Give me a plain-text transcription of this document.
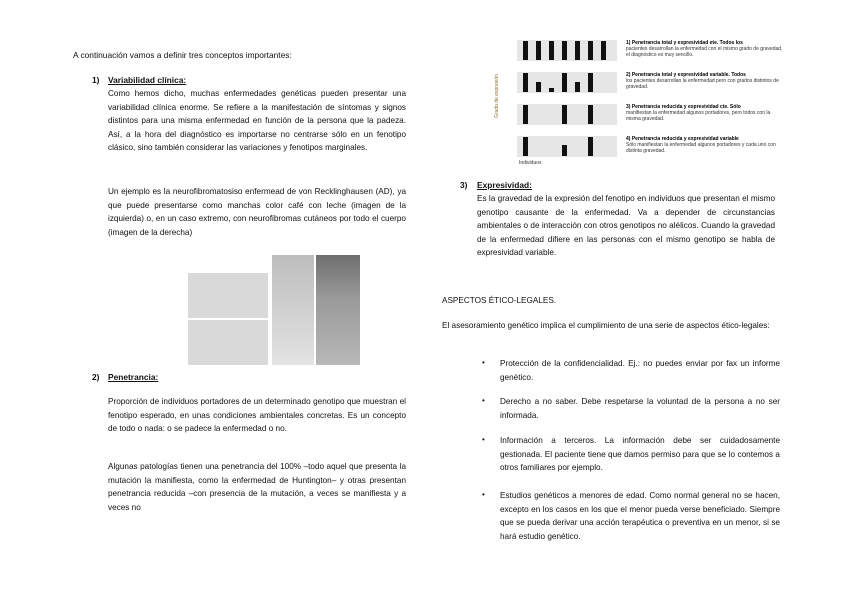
A continuación vamos a definir tres conceptos importantes:
1) Variabilidad clínica:
Como hemos dicho, muchas enfermedades genéticas pueden presentar una variabilidad clínica enorme. Se refiere a la manifestación de síntomas y signos distintos para una misma enfermedad en función de la persona que la padeza. Así, a la hora del diagnóstico es importarse no centrarse sólo en un fenotipo clásico, sino también considerar las variaciones y fenotipos marginales.
Un ejemplo es la neurofibromatosiso enfermead de von Recklinghausen (AD), ya que puede presentarse como manchas color café con leche (imagen de la izquierda) o, en un caso extremo, con neurofibromas cutáneos por todo el cuerpo (imagen de la derecha)
2) Penetrancia:
Proporción de individuos portadores de un determinado genotipo que muestran el fenotipo esperado, en unas condiciones ambientales concretas. Es un concepto de todo o nada: o se padece la enfermedad o no.
Algunas patologías tienen una penetrancia del 100% –todo aquel que presenta la mutación la manifiesta, como la enfermedad de Huntington– y otras presentan penetrancia reducida –con presencia de la mutación, a veces se manifiesta y a veces no
1) Penetrancia total y expresividad ete. Todos los
pacientes desarrollan la enfermedad con el mismo grado de gravedad, el diagnóstico es muy sencillo.
2) Penetrancia total y expresividad variable. Todos
los pacientes desarrollan la enfermedad pero con grados distintos de gravedad.
3) Penetrancia reducida y expresividad cte. Sólo
manifiestan la enfermedad algunos portadores, pero todos con la misma gravedad.
4) Penetrancia reducida y expresividad variable
Sólo manifiestan la enfermedad algunos portadores y cada uno con distinta gravedad.
Grado de expresión
Individuos
3) Expresividad:
Es la gravedad de la expresión del fenotipo en individuos que presentan el mismo genotipo causante de la enfermedad. Va a depender de circunstancias ambientales o de interacción con otros genotipos no alélicos. Cuando la gravedad de la enfermedad difiere en las personas con el mismo genotipo se habla de expresividad variable.
ASPECTOS ÉTICO-LEGALES.
El asesoramiento genético implica el cumplimiento de una serie de aspectos ético-legales:
• Protección de la confidencialidad. Ej.: no puedes enviar por fax un informe genético.
• Derecho a no saber. Debe respetarse la voluntad de la persona a no ser informada.
• Información a terceros. La información debe ser cuidadosamente gestionada. El paciente tiene que damos permiso para que se lo contemos a otros familiares por ejemplo.
• Estudios genéticos a menores de edad. Como normal general no se hacen, excepto en los casos en los que el menor pueda verse beneficiado. Siempre que se pueda derivar una acción terapéutica o preventiva en un menor, si se hará estudio genético.
